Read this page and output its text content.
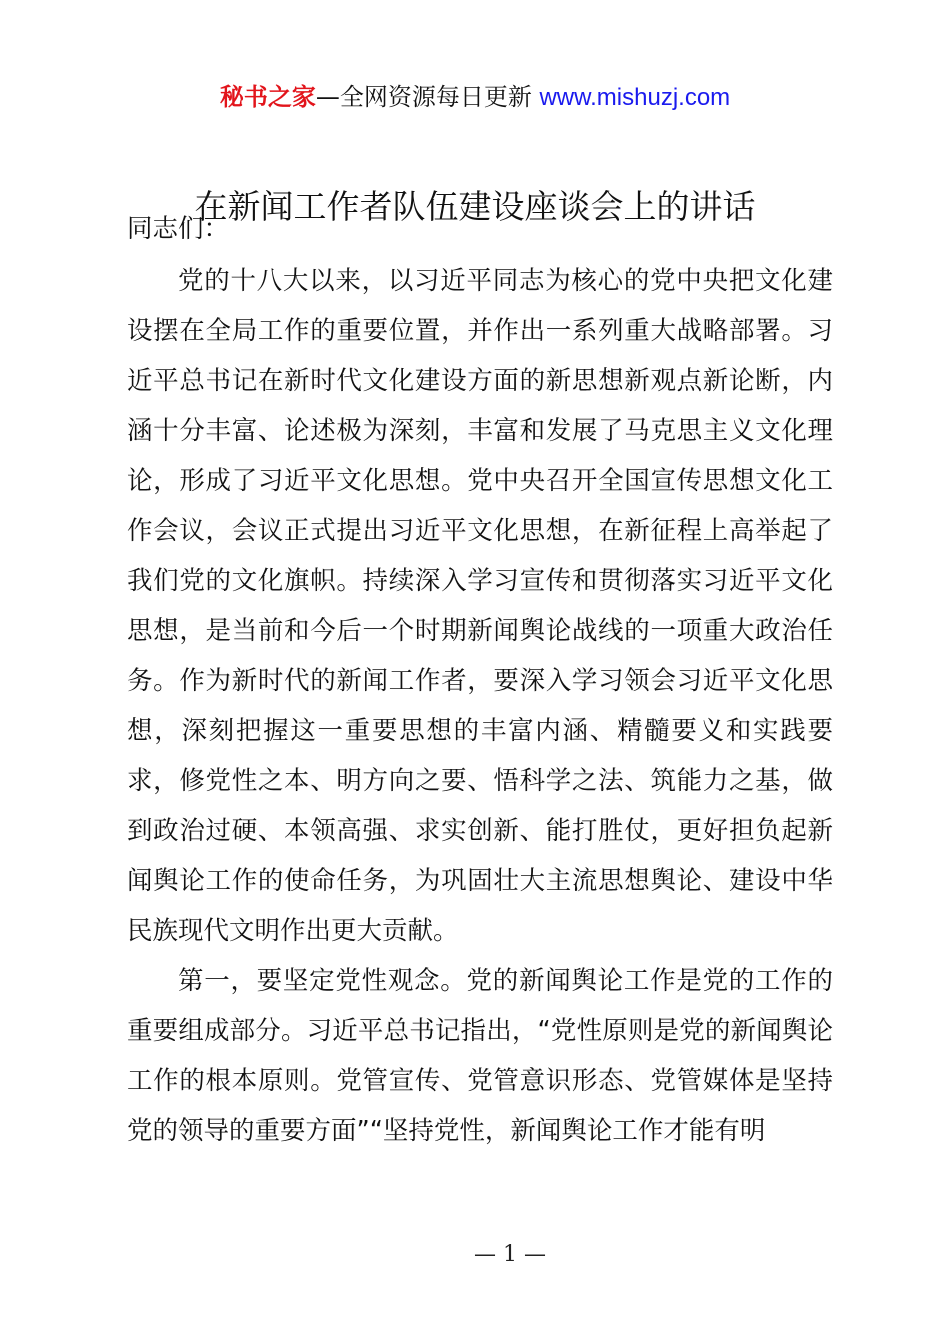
秘书之家—全网资源每日更新 www.mishuzj.com
在新闻工作者队伍建设座谈会上的讲话

同志们：

党的十八大以来，以习近平同志为核心的党中央把文化建设摆在全局工作的重要位置，并作出一系列重大战略部署。习近平总书记在新时代文化建设方面的新思想新观点新论断，内涵十分丰富、论述极为深刻，丰富和发展了马克思主义文化理论，形成了习近平文化思想。党中央召开全国宣传思想文化工作会议，会议正式提出习近平文化思想，在新征程上高举起了我们党的文化旗帜。持续深入学习宣传和贯彻落实习近平文化思想，是当前和今后一个时期新闻舆论战线的一项重大政治任务。作为新时代的新闻工作者，要深入学习领会习近平文化思想，深刻把握这一重要思想的丰富内涵、精髓要义和实践要求，修党性之本、明方向之要、悟科学之法、筑能力之基，做到政治过硬、本领高强、求实创新、能打胜仗，更好担负起新闻舆论工作的使命任务，为巩固壮大主流思想舆论、建设中华民族现代文明作出更大贡献。

第一，要坚定党性观念。党的新闻舆论工作是党的工作的重要组成部分。习近平总书记指出，“党性原则是党的新闻舆论工作的根本原则。党管宣传、党管意识形态、党管媒体是坚持党的领导的重要方面”“坚持党性，新闻舆论工作才能有明

— 1 —
